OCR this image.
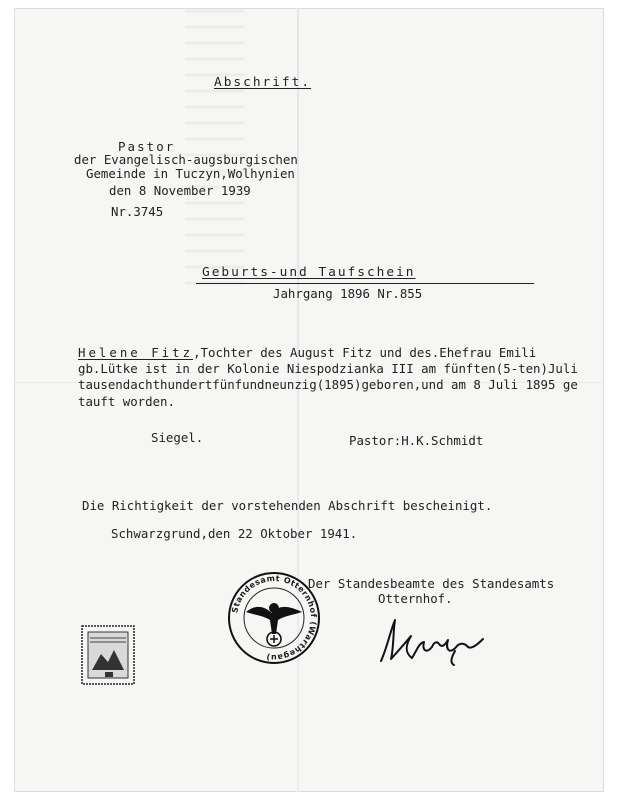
Abschrift.
Pastor
der Evangelisch-augsburgischen
Gemeinde in Tuczyn,Wolhynien
den 8 November 1939
Nr.3745
Geburts-und Taufschein
Jahrgang 1896 Nr.855
Helene Fitz,Tochter des August Fitz und des.Ehefrau Emili
gb.Lütke ist in der Kolonie Niespodzianka III am fünften(5-ten)Juli
tausendachthundertfünfundneunzig(1895)geboren,und am 8 Juli 1895 ge
tauft worden.
Siegel.	Pastor:H.K.Schmidt
Die Richtigkeit der vorstehenden Abschrift bescheinigt.
Schwarzgrund,den 22 Oktober 1941.
Der Standesbeamte des Standesamts
Otternhof.
Standesamt Otternhof (Warthegau)
